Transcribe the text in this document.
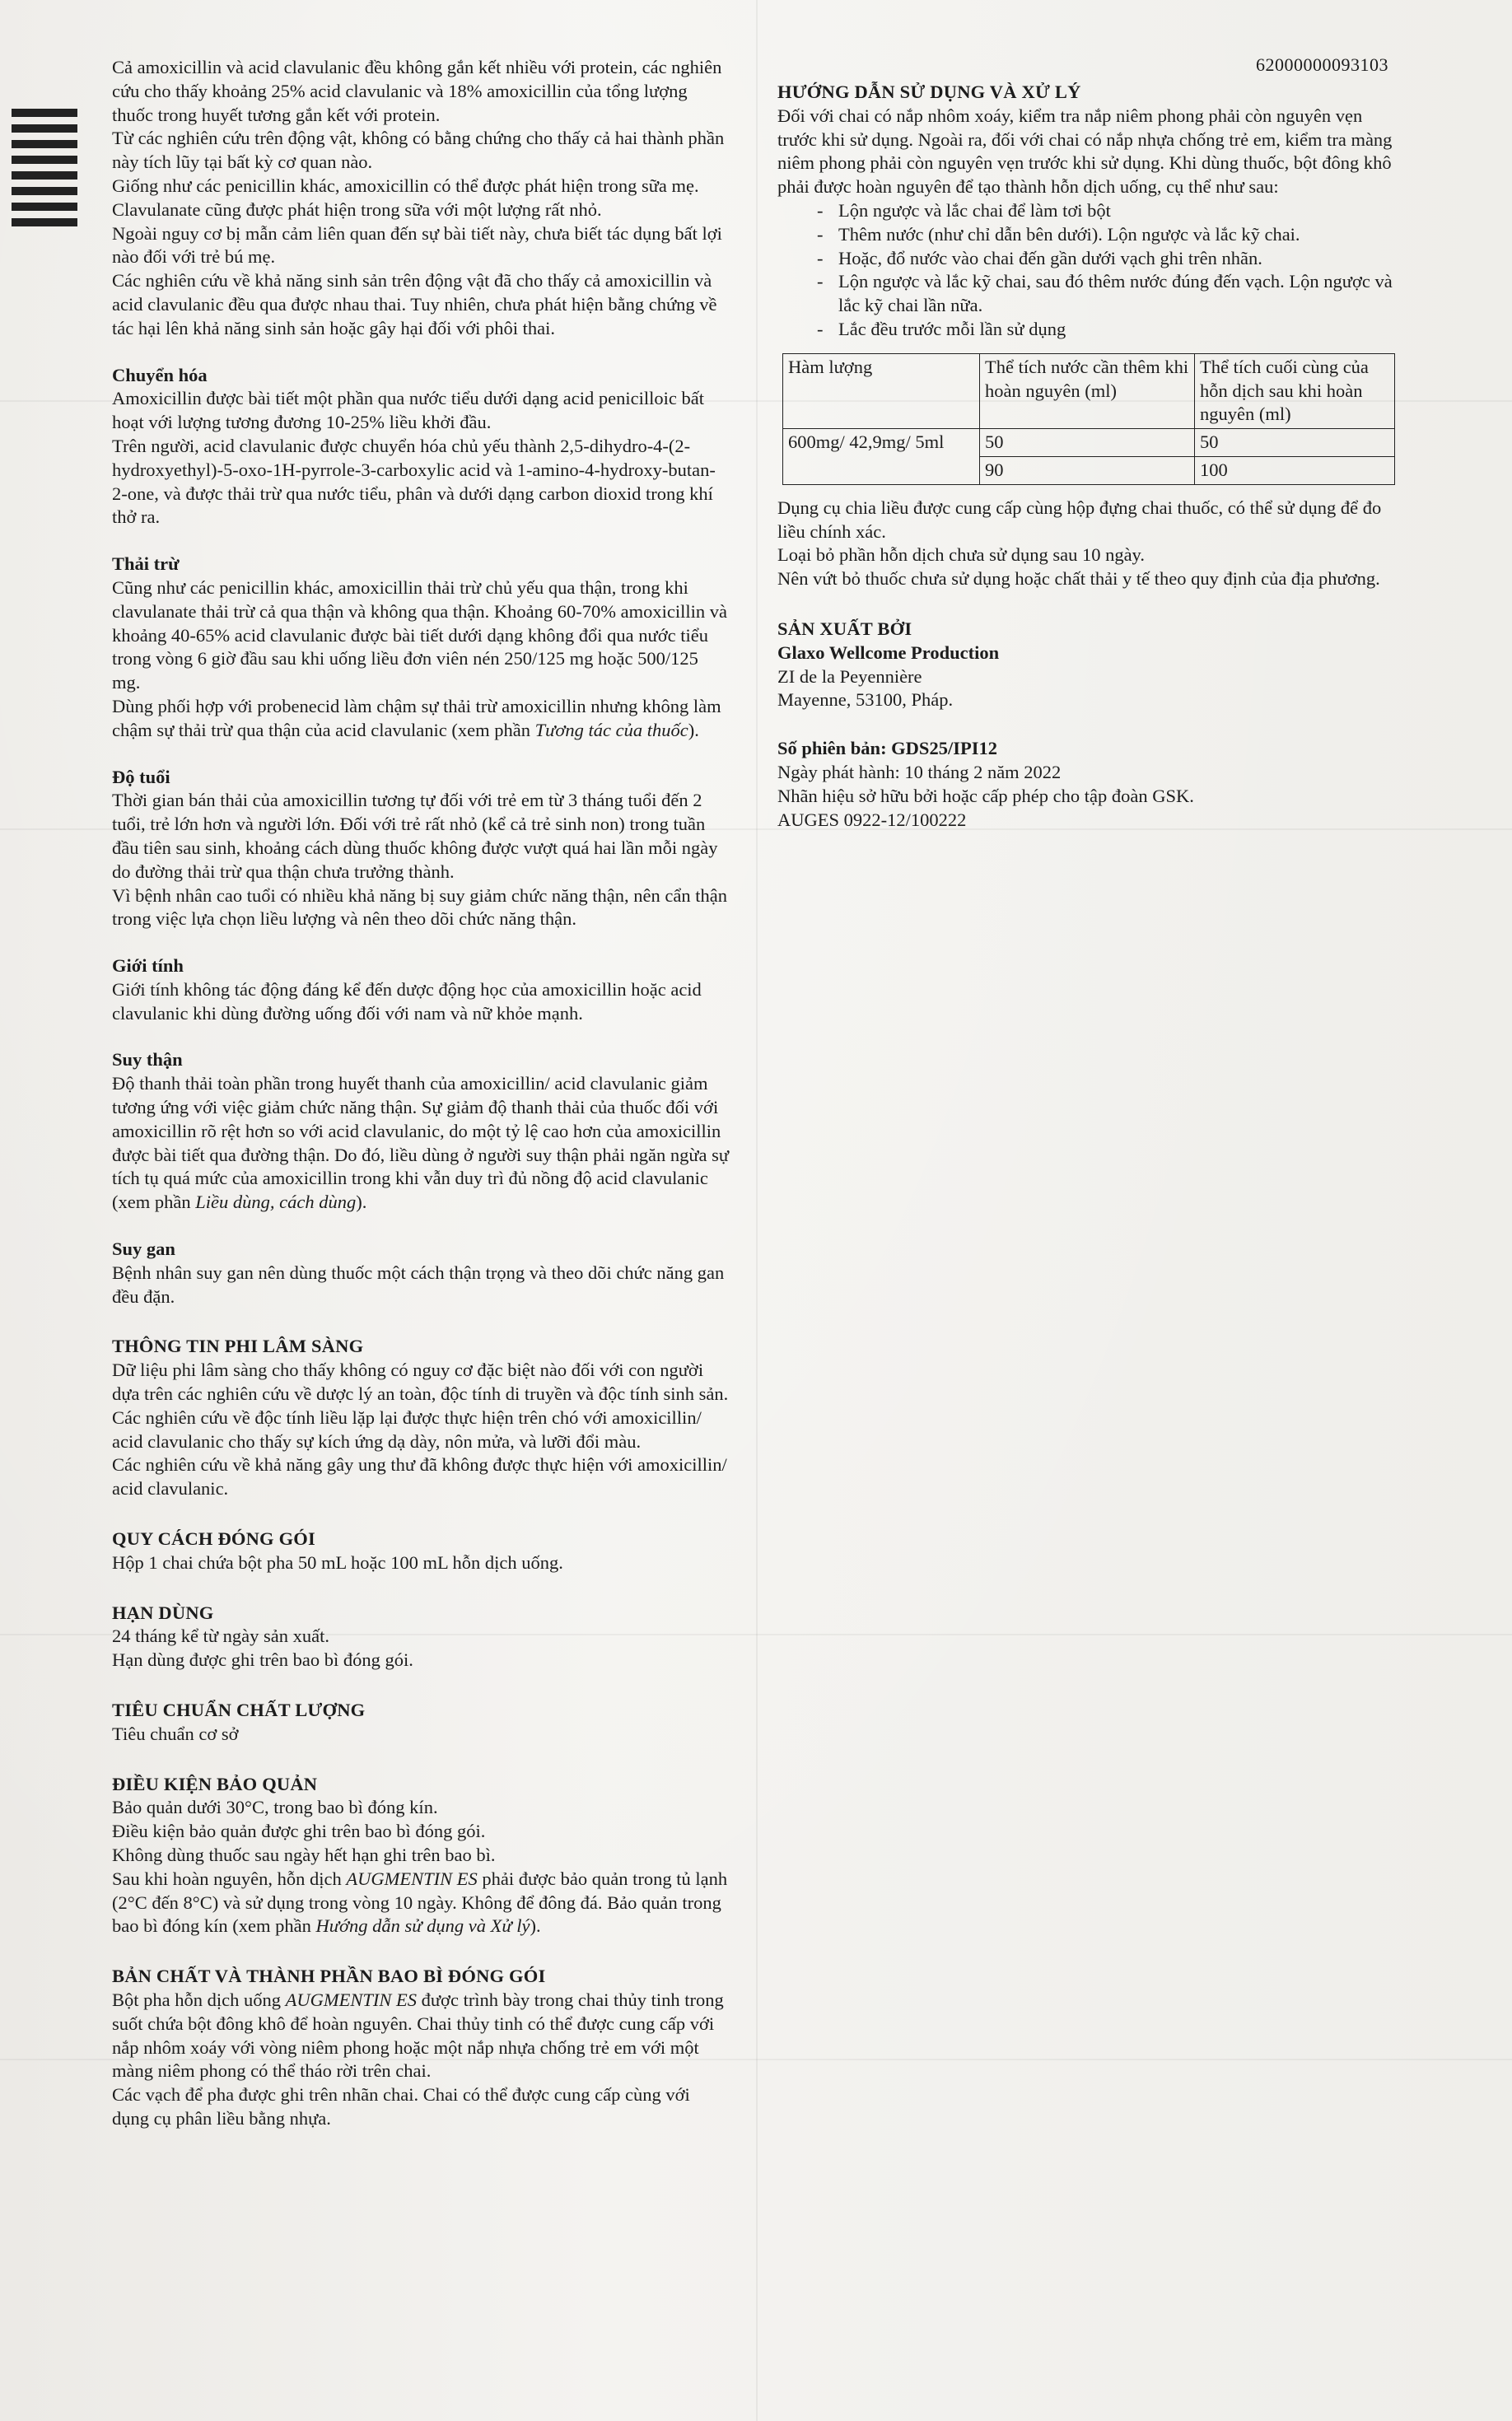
62000000093103

Cả amoxicillin và acid clavulanic đều không gắn kết nhiều với protein, các nghiên cứu cho thấy khoảng 25% acid clavulanic và 18% amoxicillin của tổng lượng thuốc trong huyết tương gắn kết với protein.

Từ các nghiên cứu trên động vật, không có bằng chứng cho thấy cả hai thành phần này tích lũy tại bất kỳ cơ quan nào.

Giống như các penicillin khác, amoxicillin có thể được phát hiện trong sữa mẹ. Clavulanate cũng được phát hiện trong sữa với một lượng rất nhỏ.

Ngoài nguy cơ bị mẫn cảm liên quan đến sự bài tiết này, chưa biết tác dụng bất lợi nào đối với trẻ bú mẹ.

Các nghiên cứu về khả năng sinh sản trên động vật đã cho thấy cả amoxicillin và acid clavulanic đều qua được nhau thai. Tuy nhiên, chưa phát hiện bằng chứng về tác hại lên khả năng sinh sản hoặc gây hại đối với phôi thai.

Chuyển hóa

Amoxicillin được bài tiết một phần qua nước tiểu dưới dạng acid penicilloic bất hoạt với lượng tương đương 10-25% liều khởi đầu.

Trên người, acid clavulanic được chuyển hóa chủ yếu thành 2,5-dihydro-4-(2-hydroxyethyl)-5-oxo-1H-pyrrole-3-carboxylic acid và 1-amino-4-hydroxy-butan-2-one, và được thải trừ qua nước tiểu, phân và dưới dạng carbon dioxid trong khí thở ra.

Thải trừ

Cũng như các penicillin khác, amoxicillin thải trừ chủ yếu qua thận, trong khi clavulanate thải trừ cả qua thận và không qua thận. Khoảng 60-70% amoxicillin và khoảng 40-65% acid clavulanic được bài tiết dưới dạng không đổi qua nước tiểu trong vòng 6 giờ đầu sau khi uống liều đơn viên nén 250/125 mg hoặc 500/125 mg.

Dùng phối hợp với probenecid làm chậm sự thải trừ amoxicillin nhưng không làm chậm sự thải trừ qua thận của acid clavulanic (xem phần Tương tác của thuốc).

Độ tuổi

Thời gian bán thải của amoxicillin tương tự đối với trẻ em từ 3 tháng tuổi đến 2 tuổi, trẻ lớn hơn và người lớn. Đối với trẻ rất nhỏ (kể cả trẻ sinh non) trong tuần đầu tiên sau sinh, khoảng cách dùng thuốc không được vượt quá hai lần mỗi ngày do đường thải trừ qua thận chưa trưởng thành.

Vì bệnh nhân cao tuổi có nhiều khả năng bị suy giảm chức năng thận, nên cẩn thận trong việc lựa chọn liều lượng và nên theo dõi chức năng thận.

Giới tính

Giới tính không tác động đáng kể đến dược động học của amoxicillin hoặc acid clavulanic khi dùng đường uống đối với nam và nữ khỏe mạnh.

Suy thận

Độ thanh thải toàn phần trong huyết thanh của amoxicillin/ acid clavulanic giảm tương ứng với việc giảm chức năng thận. Sự giảm độ thanh thải của thuốc đối với amoxicillin rõ rệt hơn so với acid clavulanic, do một tỷ lệ cao hơn của amoxicillin được bài tiết qua đường thận. Do đó, liều dùng ở người suy thận phải ngăn ngừa sự tích tụ quá mức của amoxicillin trong khi vẫn duy trì đủ nồng độ acid clavulanic (xem phần Liều dùng, cách dùng).

Suy gan

Bệnh nhân suy gan nên dùng thuốc một cách thận trọng và theo dõi chức năng gan đều đặn.

THÔNG TIN PHI LÂM SÀNG

Dữ liệu phi lâm sàng cho thấy không có nguy cơ đặc biệt nào đối với con người dựa trên các nghiên cứu về dược lý an toàn, độc tính di truyền và độc tính sinh sản.

Các nghiên cứu về độc tính liều lặp lại được thực hiện trên chó với amoxicillin/ acid clavulanic cho thấy sự kích ứng dạ dày, nôn mửa, và lưỡi đổi màu.

Các nghiên cứu về khả năng gây ung thư đã không được thực hiện với amoxicillin/ acid clavulanic.

QUY CÁCH ĐÓNG GÓI

Hộp 1 chai chứa bột pha 50 mL hoặc 100 mL hỗn dịch uống.

HẠN DÙNG

24 tháng kể từ ngày sản xuất.

Hạn dùng được ghi trên bao bì đóng gói.

TIÊU CHUẨN CHẤT LƯỢNG

Tiêu chuẩn cơ sở

ĐIỀU KIỆN BẢO QUẢN

Bảo quản dưới 30°C, trong bao bì đóng kín.

Điều kiện bảo quản được ghi trên bao bì đóng gói.

Không dùng thuốc sau ngày hết hạn ghi trên bao bì.

Sau khi hoàn nguyên, hỗn dịch AUGMENTIN ES phải được bảo quản trong tủ lạnh (2°C đến 8°C) và sử dụng trong vòng 10 ngày. Không để đông đá. Bảo quản trong bao bì đóng kín (xem phần Hướng dẫn sử dụng và Xử lý).

BẢN CHẤT VÀ THÀNH PHẦN BAO BÌ ĐÓNG GÓI

Bột pha hỗn dịch uống AUGMENTIN ES được trình bày trong chai thủy tinh trong suốt chứa bột đông khô để hoàn nguyên. Chai thủy tinh có thể được cung cấp với nắp nhôm xoáy với vòng niêm phong hoặc một nắp nhựa chống trẻ em với một màng niêm phong có thể tháo rời trên chai.

Các vạch để pha được ghi trên nhãn chai. Chai có thể được cung cấp cùng với dụng cụ phân liều bằng nhựa.

HƯỚNG DẪN SỬ DỤNG VÀ XỬ LÝ

Đối với chai có nắp nhôm xoáy, kiểm tra nắp niêm phong phải còn nguyên vẹn trước khi sử dụng. Ngoài ra, đối với chai có nắp nhựa chống trẻ em, kiểm tra màng niêm phong phải còn nguyên vẹn trước khi sử dụng. Khi dùng thuốc, bột đông khô phải được hoàn nguyên để tạo thành hỗn dịch uống, cụ thể như sau:

- Lộn ngược và lắc chai để làm tơi bột
- Thêm nước (như chỉ dẫn bên dưới). Lộn ngược và lắc kỹ chai.
- Hoặc, đổ nước vào chai đến gần dưới vạch ghi trên nhãn.
- Lộn ngược và lắc kỹ chai, sau đó thêm nước đúng đến vạch. Lộn ngược và lắc kỹ chai lần nữa.
- Lắc đều trước mỗi lần sử dụng
Hàm lượng	Thể tích nước cần thêm khi hoàn nguyên (ml)	Thể tích cuối cùng của hỗn dịch sau khi hoàn nguyên (ml)
600mg/ 42,9mg/ 5ml	50	50
	90	100

Dụng cụ chia liều được cung cấp cùng hộp đựng chai thuốc, có thể sử dụng để đo liều chính xác.

Loại bỏ phần hỗn dịch chưa sử dụng sau 10 ngày.

Nên vứt bỏ thuốc chưa sử dụng hoặc chất thải y tế theo quy định của địa phương.

SẢN XUẤT BỞI

Glaxo Wellcome Production

ZI de la Peyennière

Mayenne, 53100, Pháp.

Số phiên bản: GDS25/IPI12

Ngày phát hành: 10 tháng 2 năm 2022

Nhãn hiệu sở hữu bởi hoặc cấp phép cho tập đoàn GSK.

AUGES 0922-12/100222
